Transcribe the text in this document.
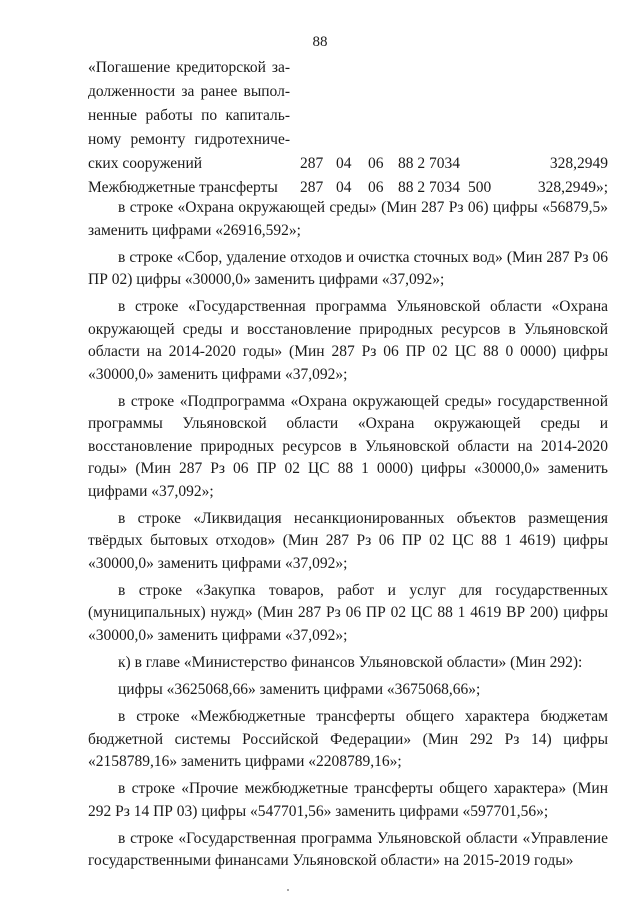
88
«Погашение кредиторской за-
долженности за ранее выпол-
ненные работы по капиталь-
ному ремонту гидротехниче-
ских сооружений	287 04 06 88 2 7034	328,2949
Межбюджетные трансферты	287 04 06 88 2 7034 500	328,2949»;

в строке «Охрана окружающей среды» (Мин 287 Рз 06) цифры «56879,5» заменить цифрами «26916,592»;

в строке «Сбор, удаление отходов и очистка сточных вод» (Мин 287 Рз 06 ПР 02) цифры «30000,0» заменить цифрами «37,092»;

в строке «Государственная программа Ульяновской области «Охрана окружающей среды и восстановление природных ресурсов в Ульяновской области на 2014-2020 годы» (Мин 287 Рз 06 ПР 02 ЦС 88 0 0000) цифры «30000,0» заменить цифрами «37,092»;

в строке «Подпрограмма «Охрана окружающей среды» государственной программы Ульяновской области «Охрана окружающей среды и восстановление природных ресурсов в Ульяновской области на 2014-2020 годы» (Мин 287 Рз 06 ПР 02 ЦС 88 1 0000) цифры «30000,0» заменить цифрами «37,092»;

в строке «Ликвидация несанкционированных объектов размещения твёрдых бытовых отходов» (Мин 287 Рз 06 ПР 02 ЦС 88 1 4619) цифры «30000,0» заменить цифрами «37,092»;

в строке «Закупка товаров, работ и услуг для государственных (муниципальных) нужд» (Мин 287 Рз 06 ПР 02 ЦС 88 1 4619 ВР 200) цифры «30000,0» заменить цифрами «37,092»;

к) в главе «Министерство финансов Ульяновской области» (Мин 292):

цифры «3625068,66» заменить цифрами «3675068,66»;

в строке «Межбюджетные трансферты общего характера бюджетам бюджетной системы Российской Федерации» (Мин 292 Рз 14) цифры «2158789,16» заменить цифрами «2208789,16»;

в строке «Прочие межбюджетные трансферты общего характера» (Мин 292 Рз 14 ПР 03) цифры «547701,56» заменить цифрами «597701,56»;

в строке «Государственная программа Ульяновской области «Управление государственными финансами Ульяновской области» на 2015-2019 годы»
